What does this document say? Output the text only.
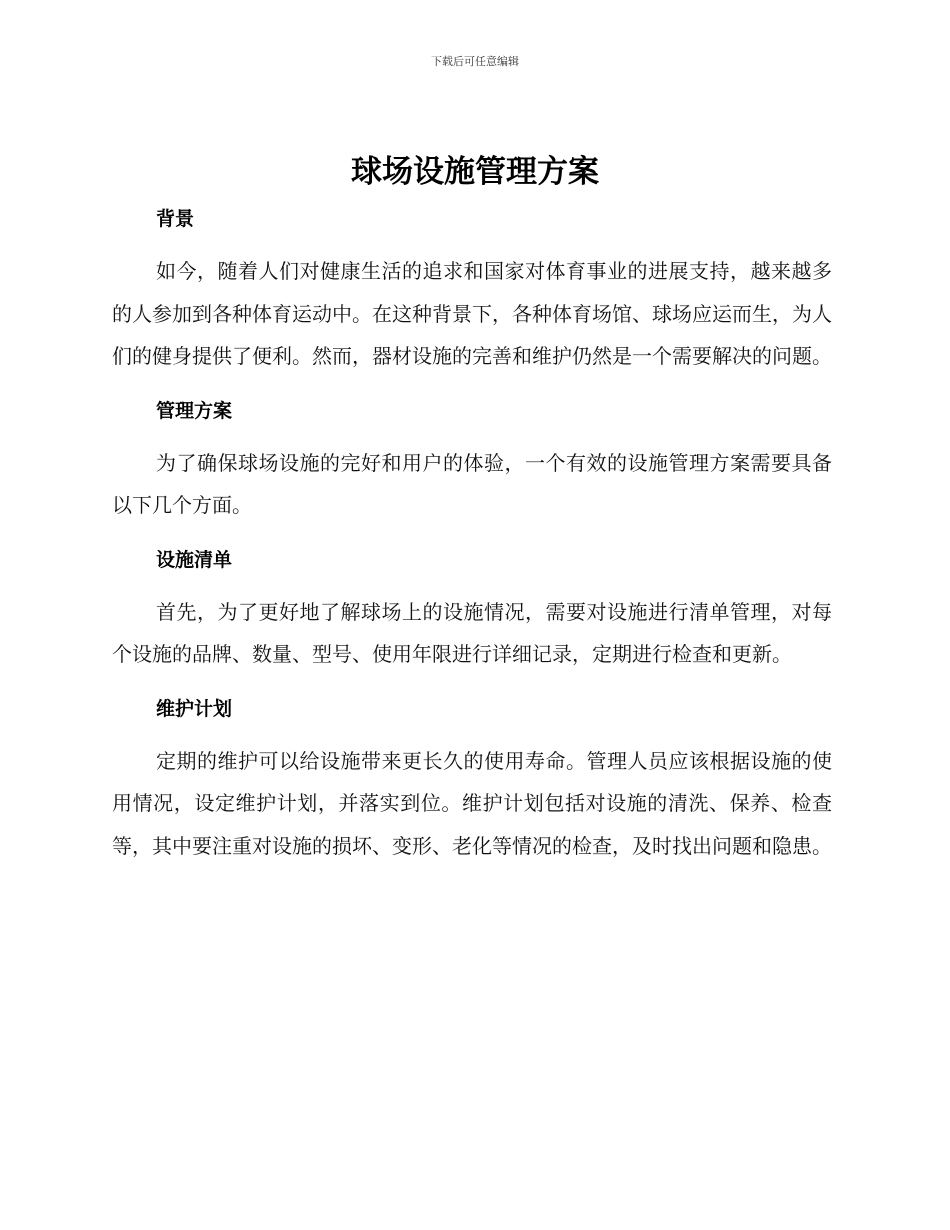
下载后可任意编辑
球场设施管理方案
背景

如今，随着人们对健康生活的追求和国家对体育事业的进展支持，越来越多的人参加到各种体育运动中。在这种背景下，各种体育场馆、球场应运而生，为人们的健身提供了便利。然而，器材设施的完善和维护仍然是一个需要解决的问题。

管理方案

为了确保球场设施的完好和用户的体验，一个有效的设施管理方案需要具备以下几个方面。

设施清单

首先，为了更好地了解球场上的设施情况，需要对设施进行清单管理，对每个设施的品牌、数量、型号、使用年限进行详细记录，定期进行检查和更新。

维护计划

定期的维护可以给设施带来更长久的使用寿命。管理人员应该根据设施的使用情况，设定维护计划，并落实到位。维护计划包括对设施的清洗、保养、检查等，其中要注重对设施的损坏、变形、老化等情况的检查，及时找出问题和隐患。
